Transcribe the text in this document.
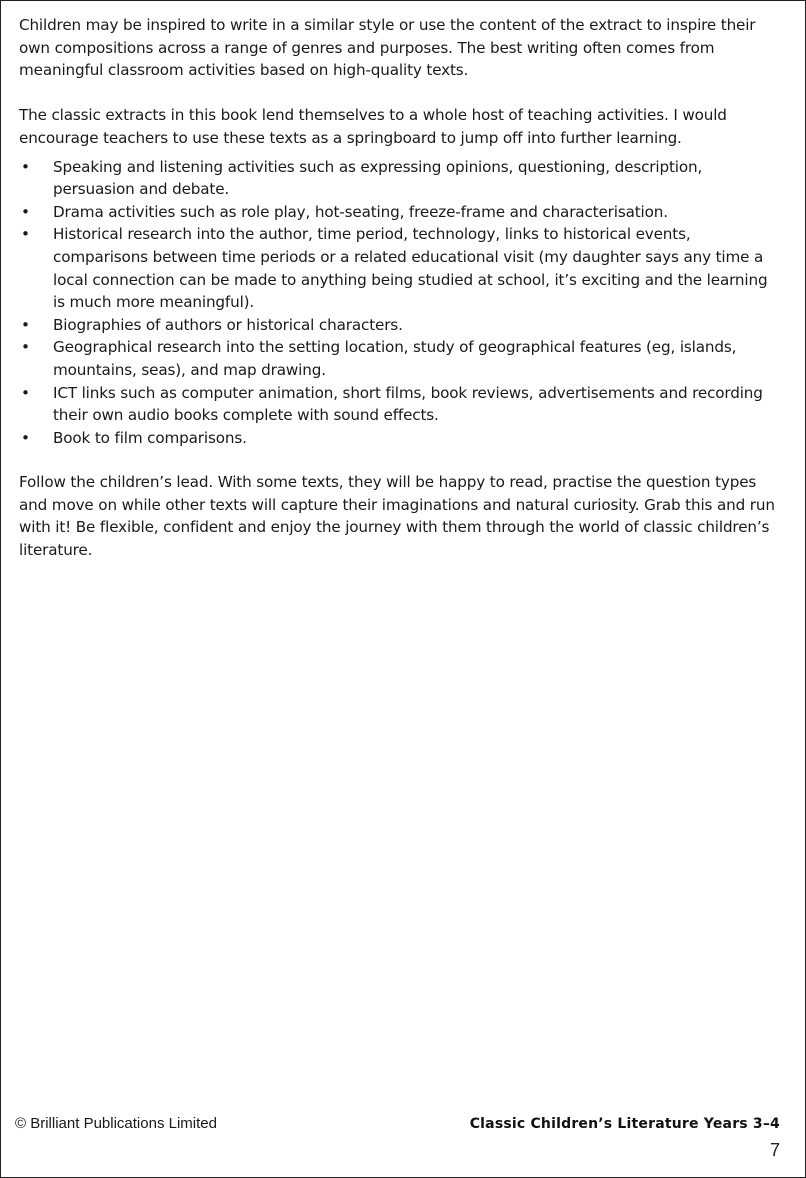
Children may be inspired to write in a similar style or use the content of the extract to inspire their own compositions across a range of genres and purposes. The best writing often comes from meaningful classroom activities based on high-quality texts.

The classic extracts in this book lend themselves to a whole host of teaching activities. I would encourage teachers to use these texts as a springboard to jump off into further learning.

• Speaking and listening activities such as expressing opinions, questioning, description, persuasion and debate.
• Drama activities such as role play, hot-seating, freeze-frame and characterisation.
• Historical research into the author, time period, technology, links to historical events, comparisons between time periods or a related educational visit (my daughter says any time a local connection can be made to anything being studied at school, it’s exciting and the learning is much more meaningful).
• Biographies of authors or historical characters.
• Geographical research into the setting location, study of geographical features (eg, islands, mountains, seas), and map drawing.
• ICT links such as computer animation, short films, book reviews, advertisements and recording their own audio books complete with sound effects.
• Book to film comparisons.

Follow the children’s lead. With some texts, they will be happy to read, practise the question types and move on while other texts will capture their imaginations and natural curiosity. Grab this and run with it! Be flexible, confident and enjoy the journey with them through the world of classic children’s literature.

© Brilliant Publications Limited	Classic Children’s Literature Years 3–4
7
